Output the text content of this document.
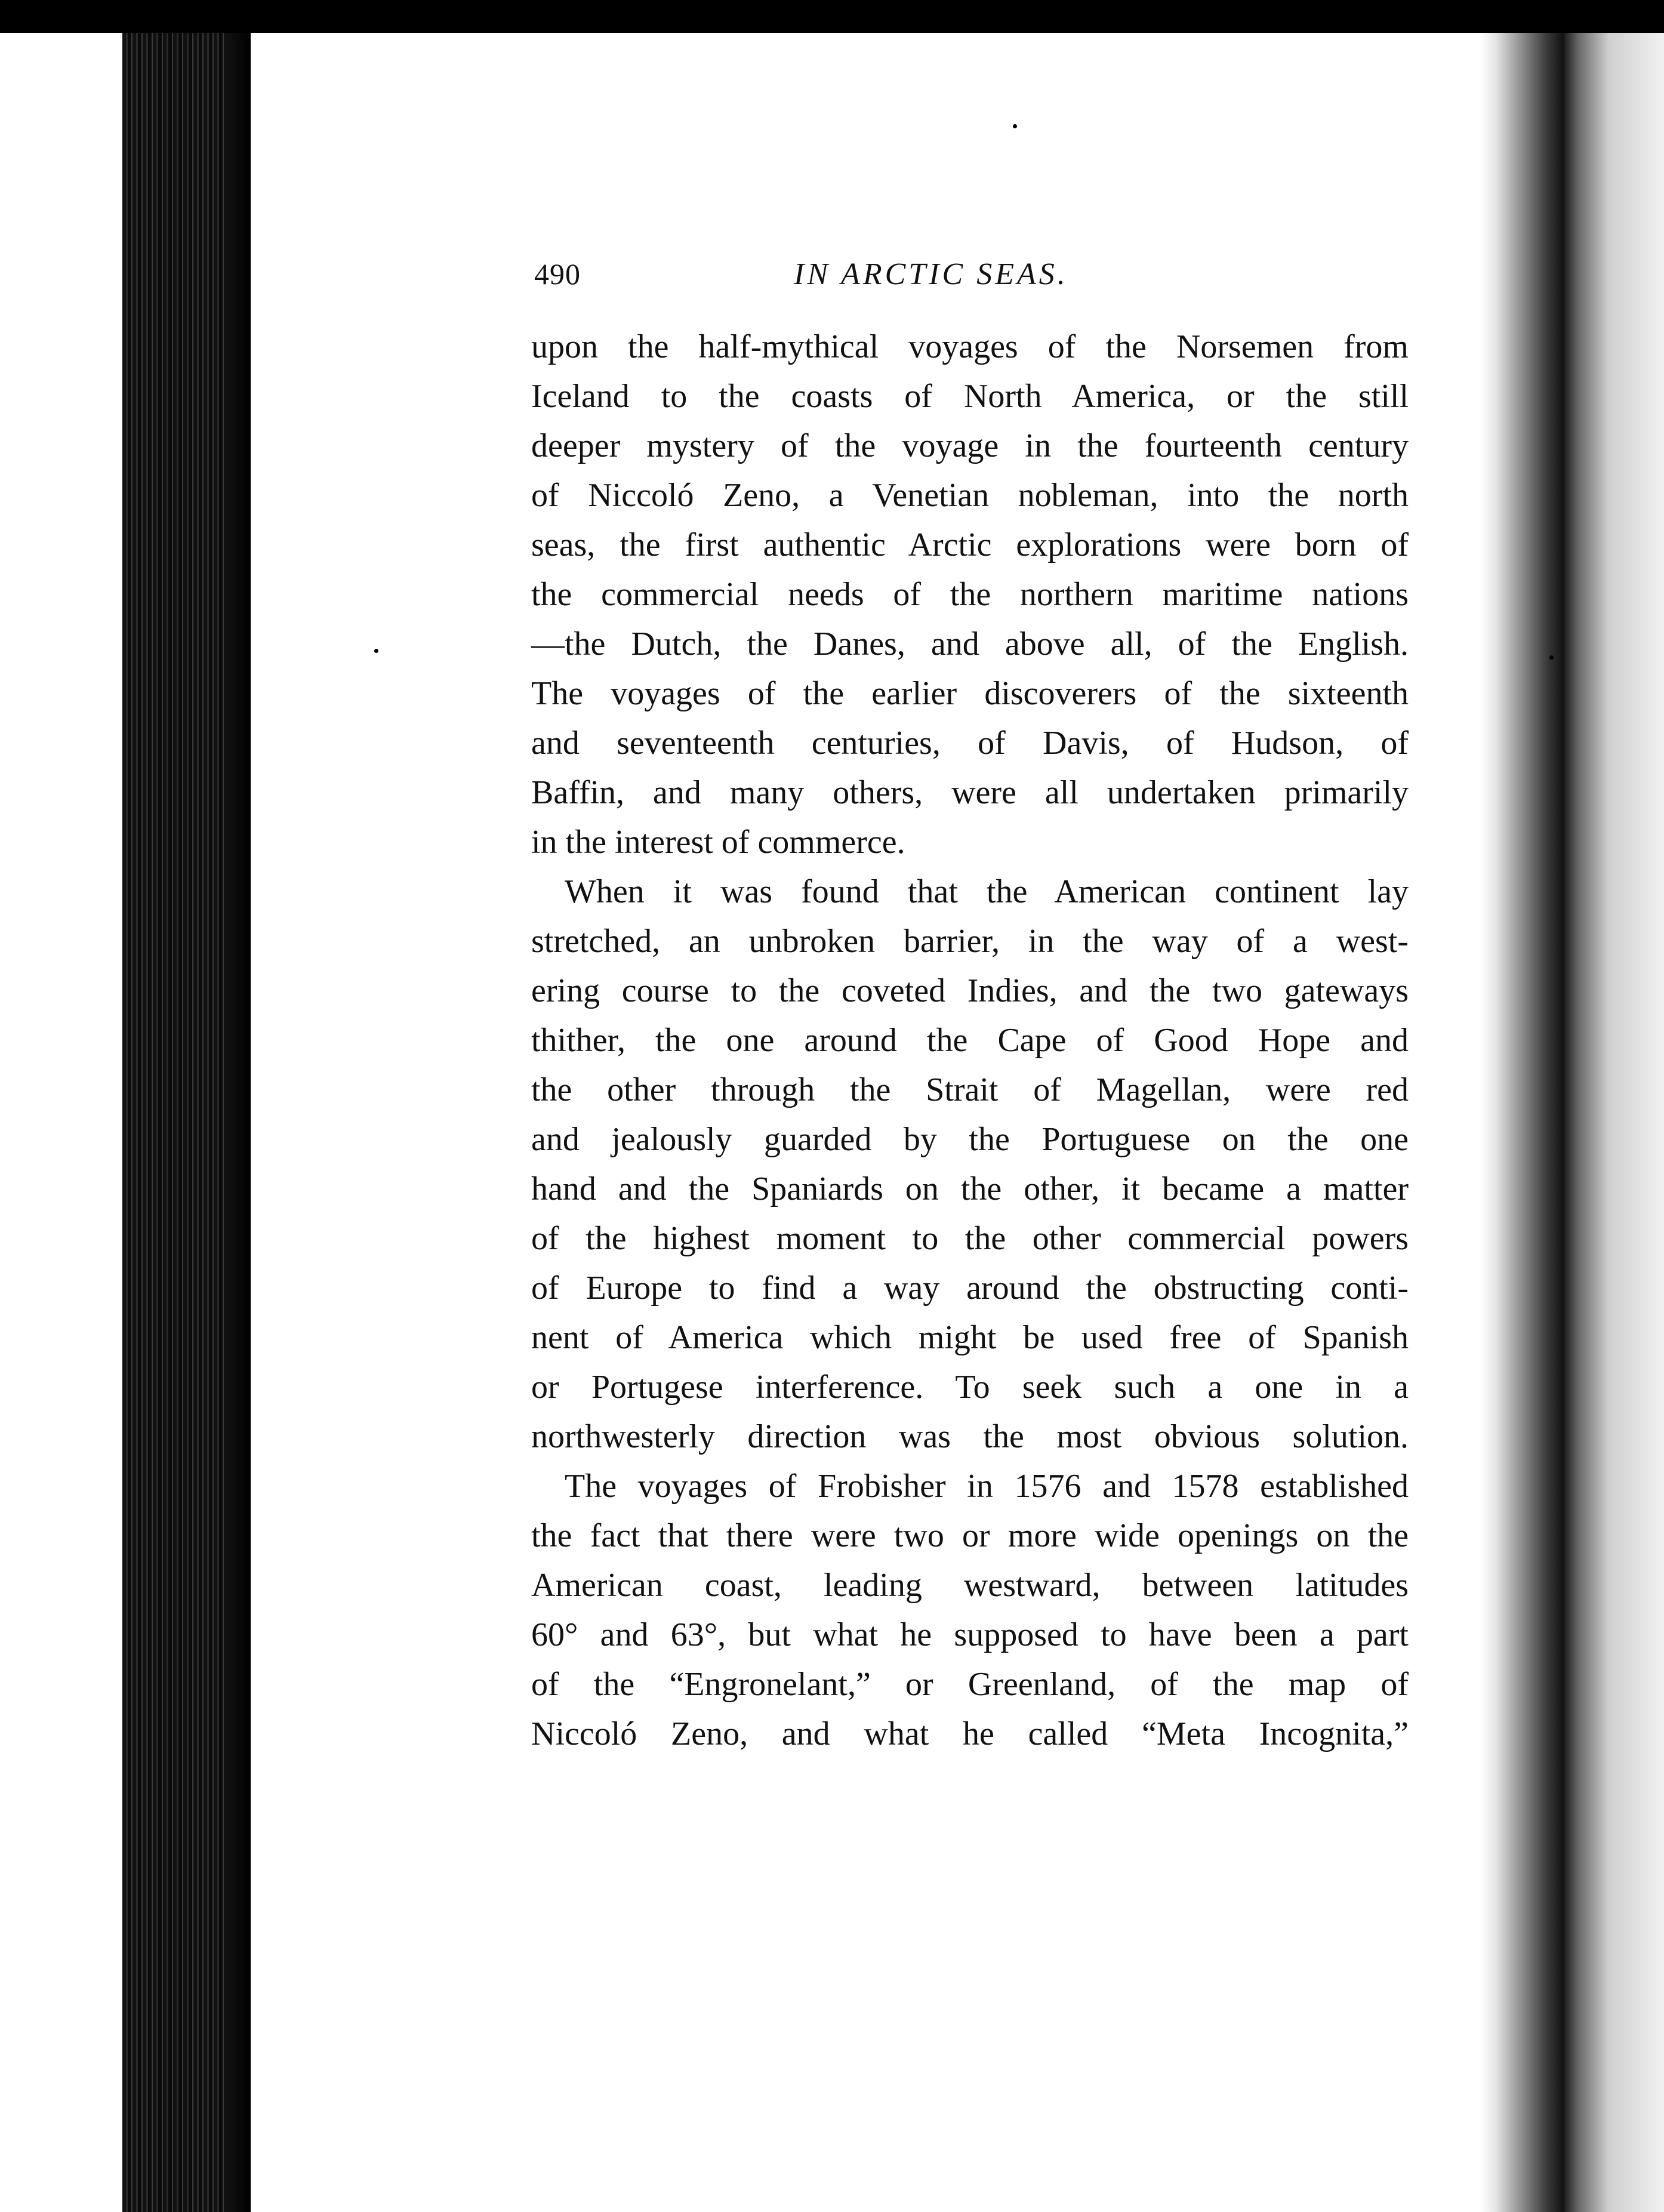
490	IN ARCTIC SEAS.
upon the half-mythical voyages of the Norsemen from
Iceland to the coasts of North America, or the still
deeper mystery of the voyage in the fourteenth century
of Niccoló Zeno, a Venetian nobleman, into the north
seas, the first authentic Arctic explorations were born of
the commercial needs of the northern maritime nations
—the Dutch, the Danes, and above all, of the English.
The voyages of the earlier discoverers of the sixteenth
and seventeenth centuries, of Davis, of Hudson, of
Baffin, and many others, were all undertaken primarily
in the interest of commerce.
When it was found that the American continent lay
stretched, an unbroken barrier, in the way of a west-
ering course to the coveted Indies, and the two gateways
thither, the one around the Cape of Good Hope and
the other through the Strait of Magellan, were red
and jealously guarded by the Portuguese on the one
hand and the Spaniards on the other, it became a matter
of the highest moment to the other commercial powers
of Europe to find a way around the obstructing conti-
nent of America which might be used free of Spanish
or Portugese interference. To seek such a one in a
northwesterly direction was the most obvious solution.
The voyages of Frobisher in 1576 and 1578 established
the fact that there were two or more wide openings on the
American coast, leading westward, between latitudes
60° and 63°, but what he supposed to have been a part
of the “Engronelant,” or Greenland, of the map of
Niccoló Zeno, and what he called “Meta Incognita,”
